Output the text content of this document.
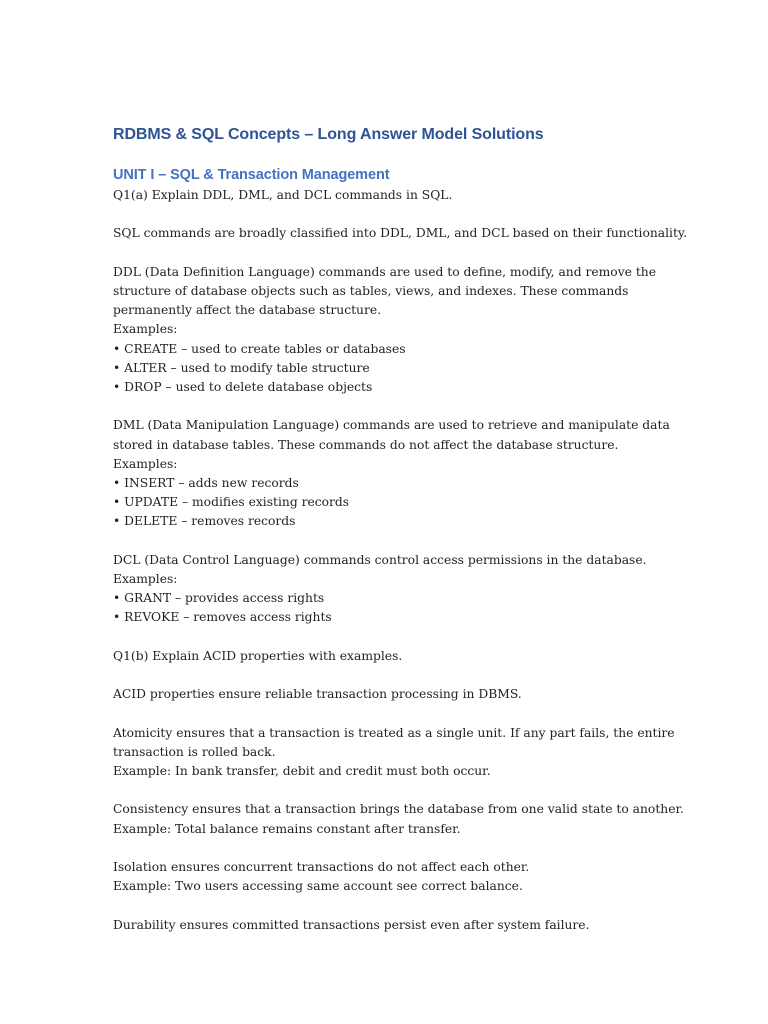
RDBMS & SQL Concepts – Long Answer Model Solutions
UNIT I – SQL & Transaction Management
Q1(a) Explain DDL, DML, and DCL commands in SQL.
SQL commands are broadly classified into DDL, DML, and DCL based on their functionality.
DDL (Data Definition Language) commands are used to define, modify, and remove the
structure of database objects such as tables, views, and indexes. These commands
permanently affect the database structure.
Examples:
• CREATE – used to create tables or databases
• ALTER – used to modify table structure
• DROP – used to delete database objects
DML (Data Manipulation Language) commands are used to retrieve and manipulate data
stored in database tables. These commands do not affect the database structure.
Examples:
• INSERT – adds new records
• UPDATE – modifies existing records
• DELETE – removes records
DCL (Data Control Language) commands control access permissions in the database.
Examples:
• GRANT – provides access rights
• REVOKE – removes access rights
Q1(b) Explain ACID properties with examples.
ACID properties ensure reliable transaction processing in DBMS.
Atomicity ensures that a transaction is treated as a single unit. If any part fails, the entire
transaction is rolled back.
Example: In bank transfer, debit and credit must both occur.
Consistency ensures that a transaction brings the database from one valid state to another.
Example: Total balance remains constant after transfer.
Isolation ensures concurrent transactions do not affect each other.
Example: Two users accessing same account see correct balance.
Durability ensures committed transactions persist even after system failure.
